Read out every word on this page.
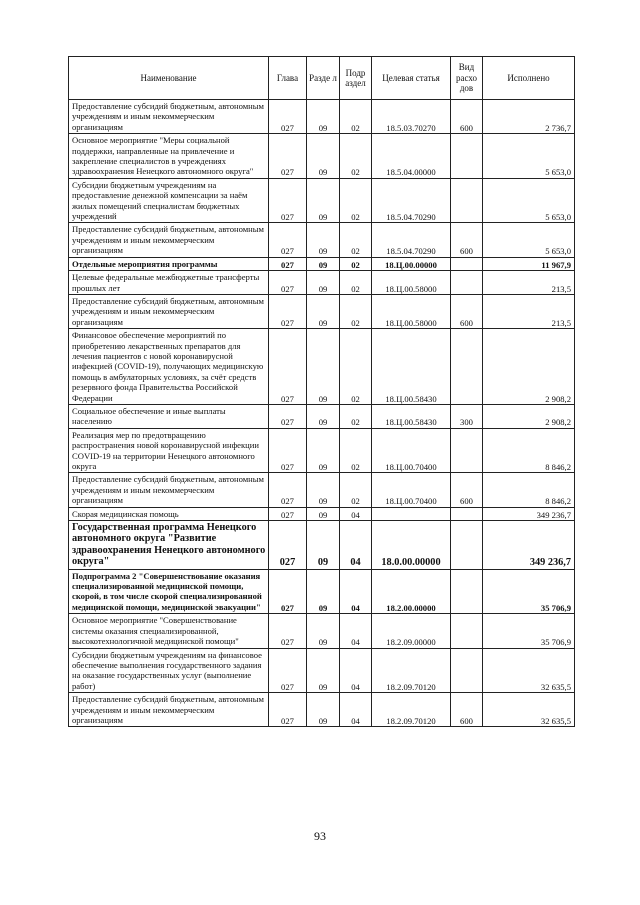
Наименование	Глава	Разде л	Подр аздел	Целевая статья	Вид расхо дов	Исполнено
Предоставление субсидий бюджетным, автономным учреждениям и иным некоммерческим организациям	027	09	02	18.5.03.70270	600	2 736,7
Основное мероприятие "Меры социальной поддержки, направленные на привлечение и закрепление специалистов в учреждениях здравоохранения Ненецкого автономного округа"	027	09	02	18.5.04.00000		5 653,0
Субсидии бюджетным учреждениям на предоставление денежной компенсации за наём жилых помещений специалистам бюджетных учреждений	027	09	02	18.5.04.70290		5 653,0
Предоставление субсидий бюджетным, автономным учреждениям и иным некоммерческим организациям	027	09	02	18.5.04.70290	600	5 653,0
Отдельные мероприятия программы	027	09	02	18.Ц.00.00000		11 967,9
Целевые федеральные межбюджетные трансферты прошлых лет	027	09	02	18.Ц.00.58000		213,5
Предоставление субсидий бюджетным, автономным учреждениям и иным некоммерческим организациям	027	09	02	18.Ц.00.58000	600	213,5
Финансовое обеспечение мероприятий по приобретению лекарственных препаратов для лечения пациентов с новой коронавирусной инфекцией (COVID-19), получающих медицинскую помощь в амбулаторных условиях, за счёт средств резервного фонда Правительства Российской Федерации	027	09	02	18.Ц.00.58430		2 908,2
Социальное обеспечение и иные выплаты населению	027	09	02	18.Ц.00.58430	300	2 908,2
Реализация мер по предотвращению распространения новой коронавирусной инфекции COVID-19 на территории Ненецкого автономного округа	027	09	02	18.Ц.00.70400		8 846,2
Предоставление субсидий бюджетным, автономным учреждениям и иным некоммерческим организациям	027	09	02	18.Ц.00.70400	600	8 846,2
Скорая медицинская помощь	027	09	04			349 236,7
Государственная программа Ненецкого автономного округа "Развитие здравоохранения Ненецкого автономного округа"	027	09	04	18.0.00.00000		349 236,7
Подпрограмма 2 "Совершенствование оказания специализированной медицинской помощи, скорой, в том числе скорой специализированной медицинской помощи, медицинской эвакуации"	027	09	04	18.2.00.00000		35 706,9
Основное мероприятие "Совершенствование системы оказания специализированной, высокотехнологичной медицинской помощи"	027	09	04	18.2.09.00000		35 706,9
Субсидии бюджетным учреждениям на финансовое обеспечение выполнения государственного задания на оказание государственных услуг (выполнение работ)	027	09	04	18.2.09.70120		32 635,5
Предоставление субсидий бюджетным, автономным учреждениям и иным некоммерческим организациям	027	09	04	18.2.09.70120	600	32 635,5
93
